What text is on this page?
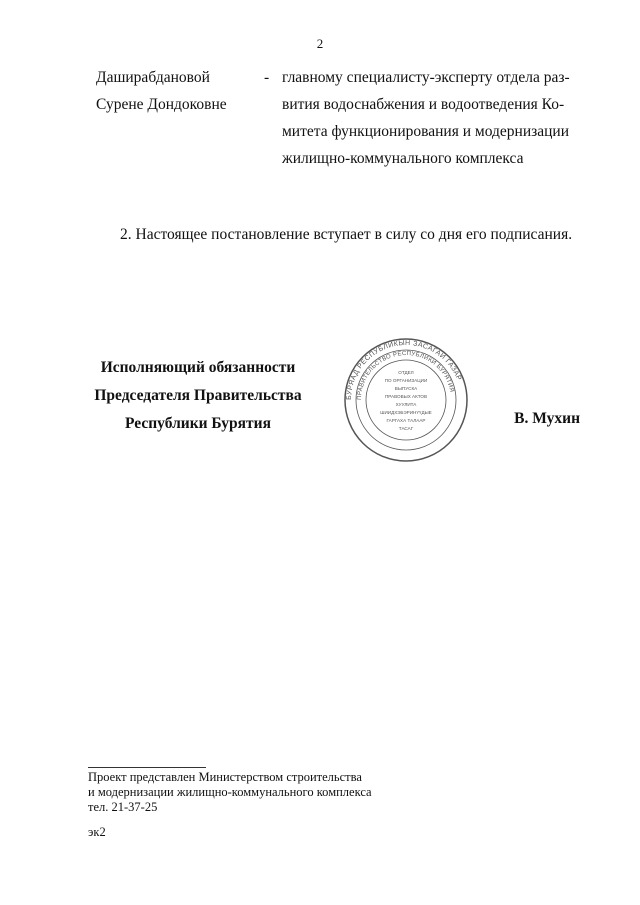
2
Даширабдановой
Сурене Дондоковне
- главному специалисту-эксперту отдела раз-
вития водоснабжения и водоотведения Ко-
митета функционирования и модернизации
жилищно-коммунального комплекса
2. Настоящее постановление вступает в силу со дня его подписания.
Исполняющий обязанности
Председателя Правительства
Республики Бурятия
БУРЯАД РЕСПУБЛИКЫН ЗАСАГАЙ ГАЗАР
ПРАВИТЕЛЬСТВО РЕСПУБЛИКИ БУРЯТИЯ
ОТДЕЛ
ПО ОРГАНИЗАЦИИ
ВЫПУСКА
ПРАВОВЫХ АКТОВ
ХУУЛИТА
ШИИДХЭБЭРИНҮҮДЫЕ
ГАРГАХА ТАЛААР
ТАСАГ
В. Мухин
Проект представлен Министерством строительства
и модернизации жилищно-коммунального комплекса
тел. 21-37-25
эк2
